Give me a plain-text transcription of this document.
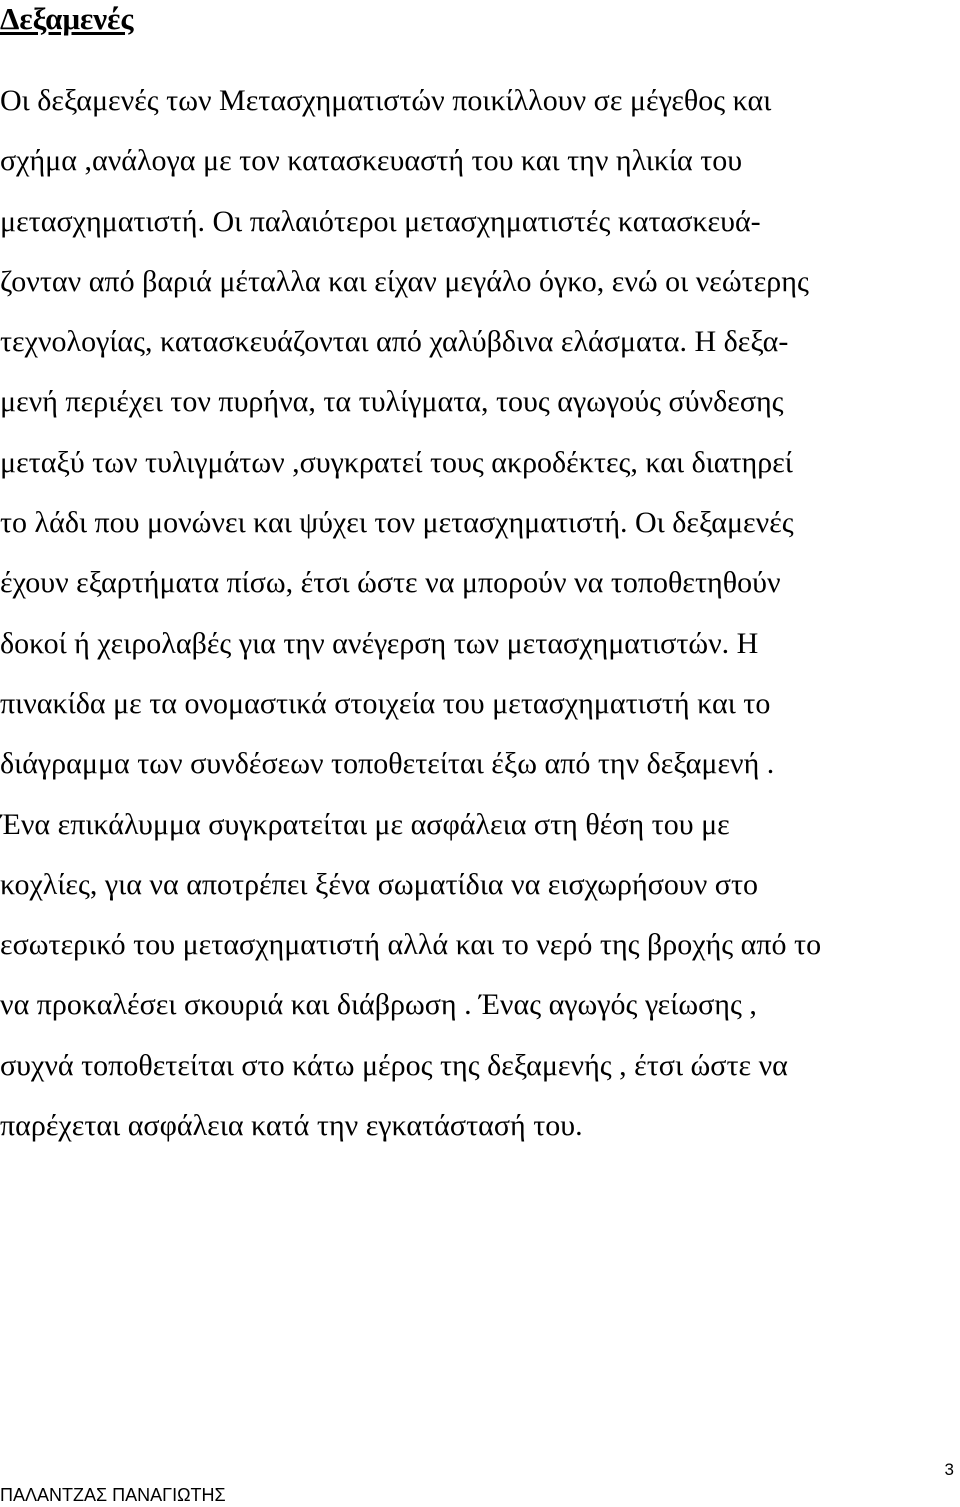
Δεξαμενές
Οι δεξαμενές των Μετασχηματιστών ποικίλλουν σε μέγεθος και
σχήμα ,ανάλογα με τον κατασκευαστή του και την ηλικία του
μετασχηματιστή. Οι παλαιότεροι μετασχηματιστές κατασκευά-
ζονταν από βαριά μέταλλα και είχαν μεγάλο όγκο, ενώ οι νεώτερης
τεχνολογίας, κατασκευάζονται από χαλύβδινα ελάσματα. Η δεξα-
μενή περιέχει τον πυρήνα, τα τυλίγματα, τους αγωγούς σύνδεσης
μεταξύ των τυλιγμάτων ,συγκρατεί τους ακροδέκτες, και διατηρεί
το λάδι που μονώνει και ψύχει τον μετασχηματιστή. Οι δεξαμενές
έχουν εξαρτήματα πίσω, έτσι ώστε να μπορούν να τοποθετηθούν
δοκοί ή χειρολαβές για την ανέγερση των μετασχηματιστών. Η
πινακίδα με τα ονομαστικά στοιχεία του μετασχηματιστή και το
διάγραμμα των συνδέσεων τοποθετείται έξω από την δεξαμενή .
Ένα επικάλυμμα συγκρατείται με ασφάλεια στη θέση του με
κοχλίες, για να αποτρέπει ξένα σωματίδια να εισχωρήσουν στο
εσωτερικό του μετασχηματιστή αλλά και το νερό της βροχής από το
να προκαλέσει σκουριά και διάβρωση . Ένας αγωγός γείωσης ,
συχνά τοποθετείται στο κάτω μέρος της δεξαμενής , έτσι ώστε να
παρέχεται ασφάλεια κατά την εγκατάστασή του.
3
ΠΑΛΑΝΤΖΑΣ ΠΑΝΑΓΙΩΤΗΣ
